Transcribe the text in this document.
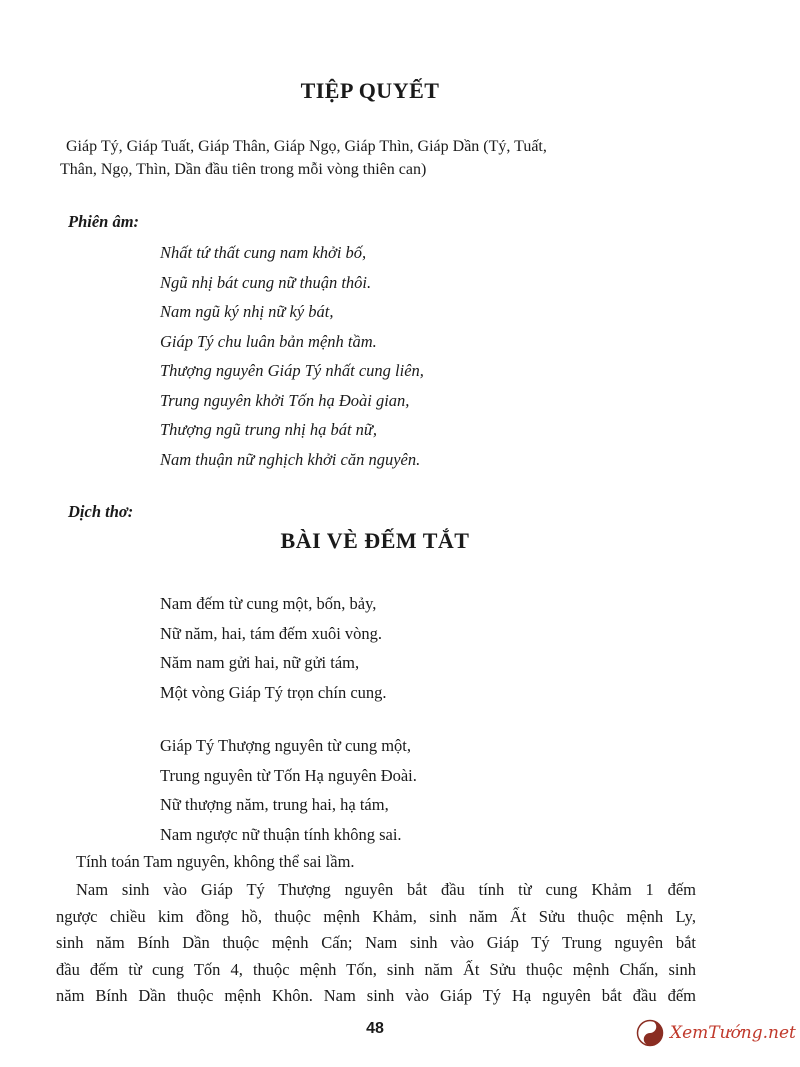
TIỆP QUYẾT
Giáp Tý, Giáp Tuất, Giáp Thân, Giáp Ngọ, Giáp Thìn, Giáp Dần (Tý, Tuất,
Thân, Ngọ, Thìn, Dần đầu tiên trong mỗi vòng thiên can)
Phiên âm:
Nhất tứ thất cung nam khởi bố,
Ngũ nhị bát cung nữ thuận thôi.
Nam ngũ ký nhị nữ ký bát,
Giáp Tý chu luân bản mệnh tầm.
Thượng nguyên Giáp Tý nhất cung liên,
Trung nguyên khởi Tốn hạ Đoài gian,
Thượng ngũ trung nhị hạ bát nữ,
Nam thuận nữ nghịch khởi căn nguyên.
Dịch thơ:
BÀI VÈ ĐẾM TẮT
Nam đếm từ cung một, bốn, bảy,
Nữ năm, hai, tám đếm xuôi vòng.
Năm nam gửi hai, nữ gửi tám,
Một vòng Giáp Tý trọn chín cung.
Giáp Tý Thượng nguyên từ cung một,
Trung nguyên từ Tốn Hạ nguyên Đoài.
Nữ thượng năm, trung hai, hạ tám,
Nam ngược nữ thuận tính không sai.
Tính toán Tam nguyên, không thể sai lầm.
Nam sinh vào Giáp Tý Thượng nguyên bắt đầu tính từ cung Khảm 1 đếm
ngược chiều kim đồng hồ, thuộc mệnh Khảm, sinh năm Ất Sửu thuộc mệnh Ly,
sinh năm Bính Dần thuộc mệnh Cấn; Nam sinh vào Giáp Tý Trung nguyên bắt
đầu đếm từ cung Tốn 4, thuộc mệnh Tốn, sinh năm Ất Sửu thuộc mệnh Chấn, sinh
năm Bính Dần thuộc mệnh Khôn. Nam sinh vào Giáp Tý Hạ nguyên bắt đầu đếm
48	XemTướng.net
